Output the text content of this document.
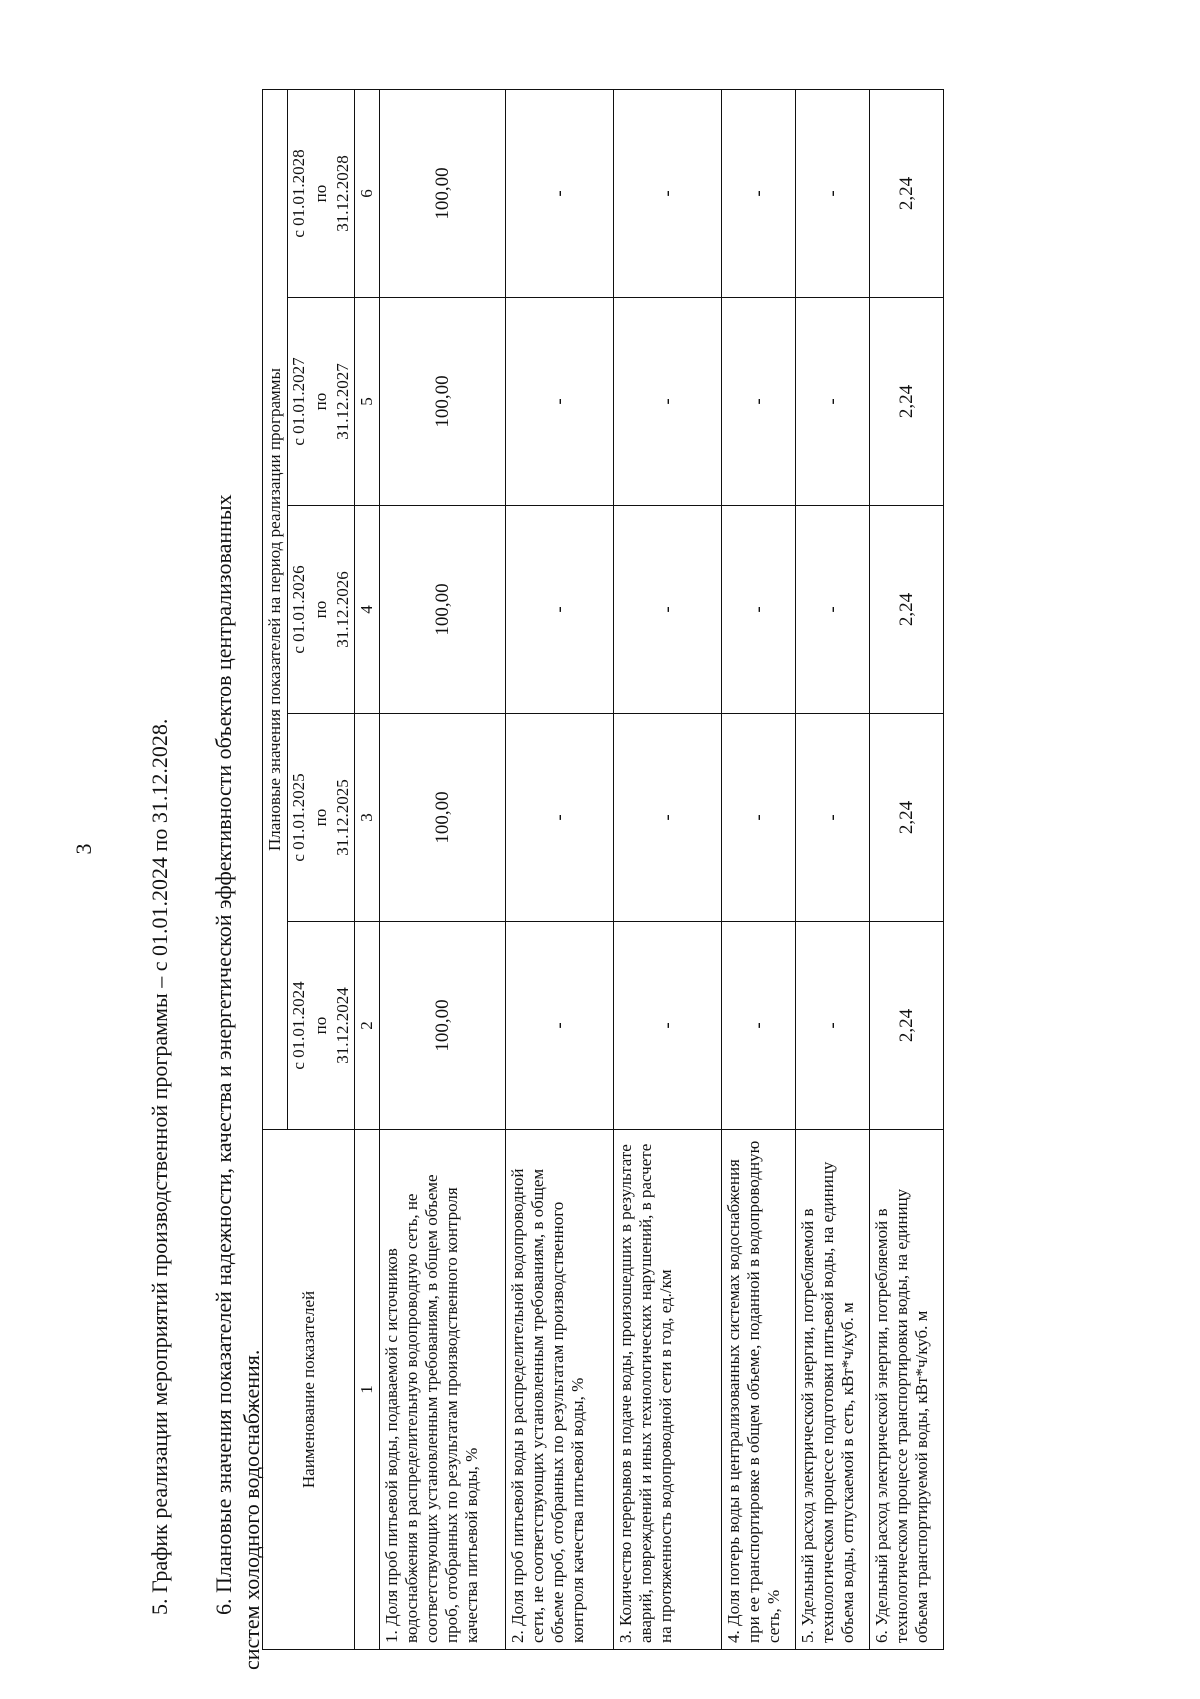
3 5. График реализации мероприятий производственной программы – с 01.01.2024 по 31.12.2028. 6. Плановые значения показателей надежности, качества и энергетической эффективности объектов централизованных систем холодного водоснабжения. Наименование показателей	Плановые значения показателей на период реализации программы				

	с 01.01.2024 по 31.12.2024	с 01.01.2025 по 31.12.2025	с 01.01.2026 по 31.12.2026	с 01.01.2027 по 31.12.2027	с 01.01.2028 по 31.12.2028

1	2	3	4	5	6
1. Доля проб питьевой воды, подаваемой с источников водоснабжения в распределительную водопроводную сеть, не соответствующих установленным требованиям, в общем объеме проб, отобранных по результатам производственного контроля качества питьевой воды, %	100,00	100,00	100,00	100,00	100,00
2. Доля проб питьевой воды в распределительной водопроводной сети, не соответствующих установленным требованиям, в общем объеме проб, отобранных по результатам производственного контроля качества питьевой воды, %	-	-	-	-	-
3. Количество перерывов в подаче воды, произошедших в результате аварий, повреждений и иных технологических нарушений, в расчете на протяженность водопроводной сети в год, ед./км	-	-	-	-	-
4. Доля потерь воды в централизованных системах водоснабжения при ее транспортировке в общем объеме, поданной в водопроводную сеть, %	-	-	-	-	-
5. Удельный расход электрической энергии, потребляемой в технологическом процессе подготовки питьевой воды, на единицу объема воды, отпускаемой в сеть, кВт*ч/куб. м	-	-	-	-	-
6. Удельный расход электрической энергии, потребляемой в технологическом процессе транспортировки воды, на единицу объема транспортируемой воды, кВт*ч/куб. м	2,24	2,24	2,24	2,24	2,24
